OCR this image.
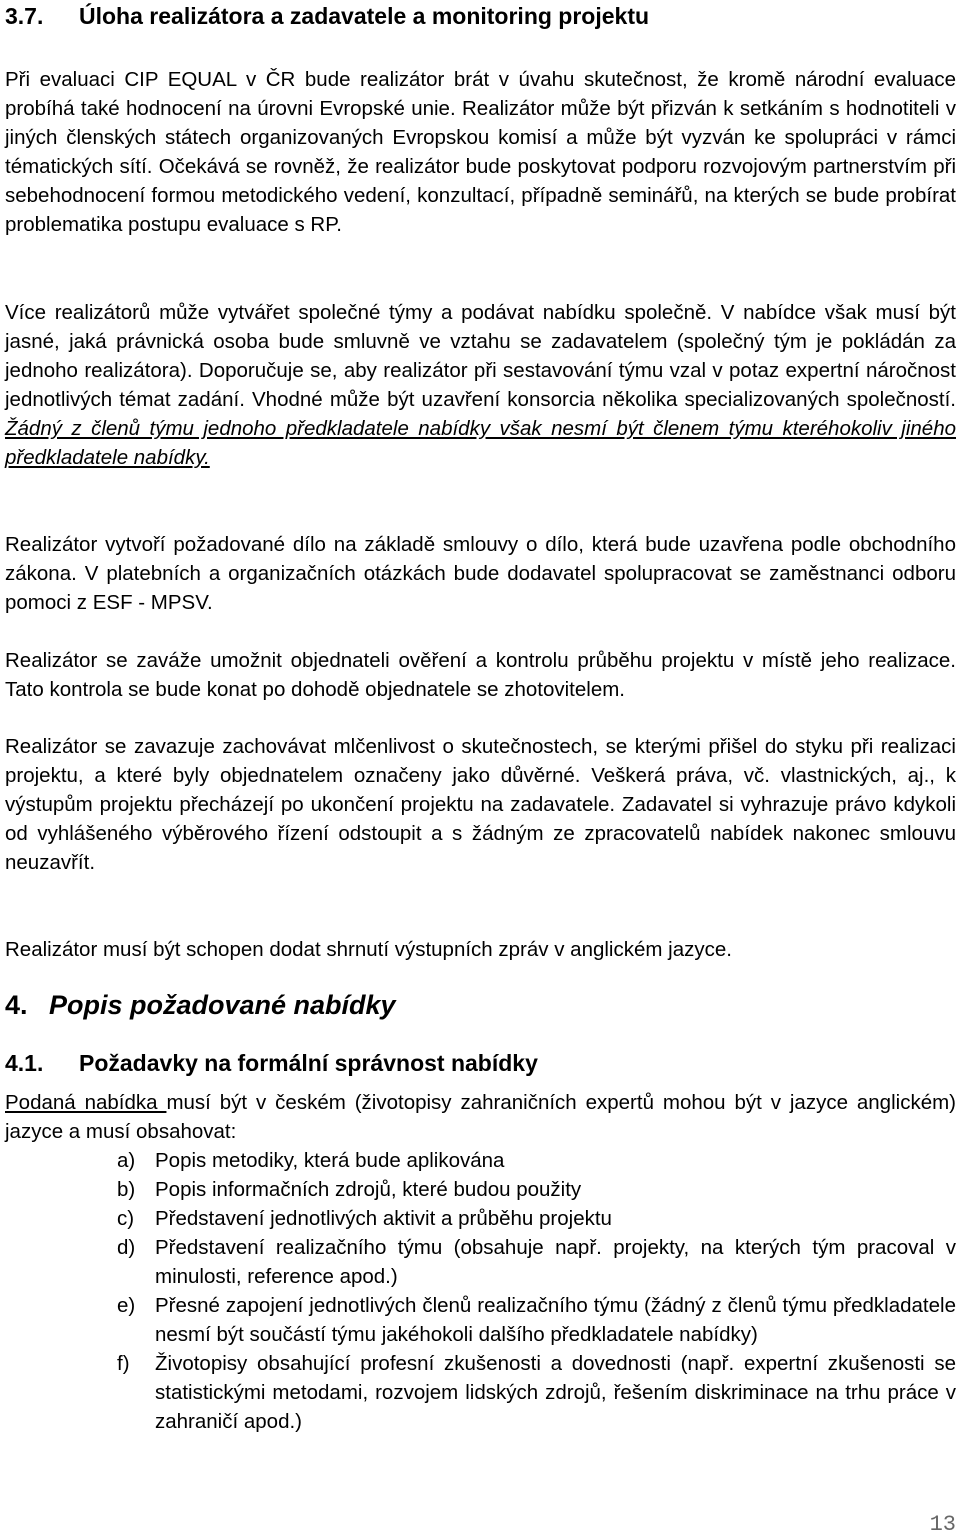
3.7. Úloha realizátora a zadavatele a monitoring projektu

Při evaluaci CIP EQUAL v ČR bude realizátor brát v úvahu skutečnost, že kromě národní evaluace probíhá také hodnocení na úrovni Evropské unie. Realizátor může být přizván k setkáním s hodnotiteli v jiných členských státech organizovaných Evropskou komisí a může být vyzván ke spolupráci v rámci tématických sítí. Očekává se rovněž, že realizátor bude poskytovat podporu rozvojovým partnerstvím při sebehodnocení formou metodického vedení, konzultací, případně seminářů, na kterých se bude probírat problematika postupu evaluace s RP.

Více realizátorů může vytvářet společné týmy a podávat nabídku společně. V nabídce však musí být jasné, jaká právnická osoba bude smluvně ve vztahu se zadavatelem (společný tým je pokládán za jednoho realizátora). Doporučuje se, aby realizátor při sestavování týmu vzal v potaz expertní náročnost jednotlivých témat zadání. Vhodné může být uzavření konsorcia několika specializovaných společností. Žádný z členů týmu jednoho předkladatele nabídky však nesmí být členem týmu kteréhokoliv jiného předkladatele nabídky.

Realizátor vytvoří požadované dílo na základě smlouvy o dílo, která bude uzavřena podle obchodního zákona. V platebních a organizačních otázkách bude dodavatel spolupracovat se zaměstnanci odboru pomoci z ESF - MPSV.

Realizátor se zaváže umožnit objednateli ověření a kontrolu průběhu projektu v místě jeho realizace. Tato kontrola se bude konat po dohodě objednatele se zhotovitelem.

Realizátor se zavazuje zachovávat mlčenlivost o skutečnostech, se kterými přišel do styku při realizaci projektu, a které byly objednatelem označeny jako důvěrné. Veškerá práva, vč. vlastnických, aj., k výstupům projektu přecházejí po ukončení projektu na zadavatele. Zadavatel si vyhrazuje právo kdykoli od vyhlášeného výběrového řízení odstoupit a s žádným ze zpracovatelů nabídek nakonec smlouvu neuzavřít.

Realizátor musí být schopen dodat shrnutí výstupních zpráv v anglickém jazyce.

4. Popis požadované nabídky
4.1. Požadavky na formální správnost nabídky

Podaná nabídka musí být v českém (životopisy zahraničních expertů mohou být v jazyce anglickém) jazyce a musí obsahovat:

a) Popis metodiky, která bude aplikována
b) Popis informačních zdrojů, které budou použity
c) Představení jednotlivých aktivit a průběhu projektu
d) Představení realizačního týmu (obsahuje např. projekty, na kterých tým pracoval v minulosti, reference apod.)
e) Přesné zapojení jednotlivých členů realizačního týmu (žádný z členů týmu předkladatele nesmí být součástí týmu jakéhokoli dalšího předkladatele nabídky)
f) Životopisy obsahující profesní zkušenosti a dovednosti (např. expertní zkušenosti se statistickými metodami, rozvojem lidských zdrojů, řešením diskriminace na trhu práce v zahraničí apod.)
13
